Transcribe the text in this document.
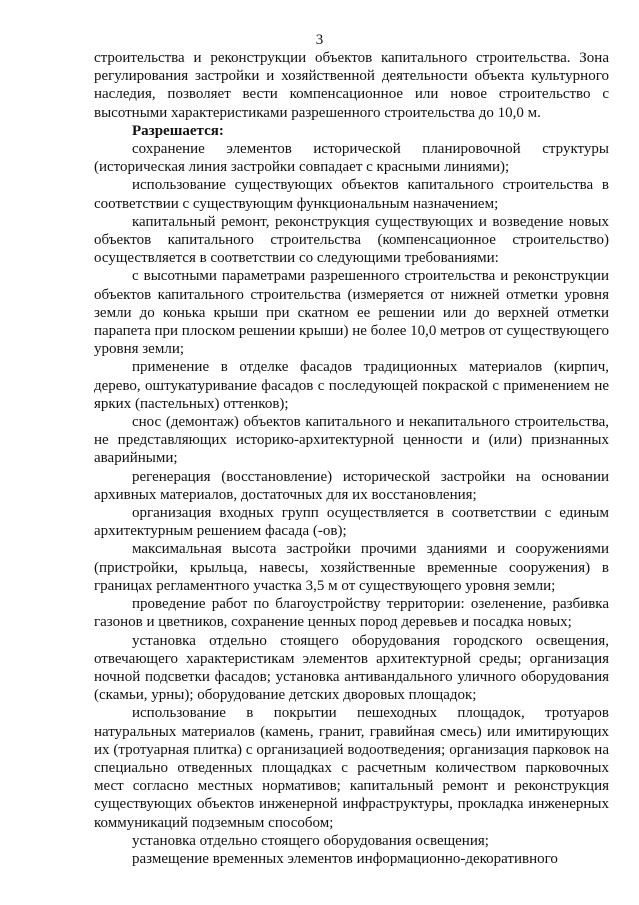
3

строительства и реконструкции объектов капитального строительства. Зона регулирования застройки и хозяйственной деятельности объекта культурного наследия, позволяет вести компенсационное или новое строительство с высотными характеристиками разрешенного строительства до 10,0 м.

Разрешается:

сохранение элементов исторической планировочной структуры (историческая линия застройки совпадает с красными линиями);

использование существующих объектов капитального строительства в соответствии с существующим функциональным назначением;

капитальный ремонт, реконструкция существующих и возведение новых объектов капитального строительства (компенсационное строительство) осуществляется в соответствии со следующими требованиями:

с высотными параметрами разрешенного строительства и реконструкции объектов капитального строительства (измеряется от нижней отметки уровня земли до конька крыши при скатном ее решении или до верхней отметки парапета при плоском решении крыши) не более 10,0 метров от существующего уровня земли;

применение в отделке фасадов традиционных материалов (кирпич, дерево, оштукатуривание фасадов с последующей покраской с применением не ярких (пастельных) оттенков);

снос (демонтаж) объектов капитального и некапитального строительства, не представляющих историко-архитектурной ценности и (или) признанных аварийными;

регенерация (восстановление) исторической застройки на основании архивных материалов, достаточных для их восстановления;

организация входных групп осуществляется в соответствии с единым архитектурным решением фасада (-ов);

максимальная высота застройки прочими зданиями и сооружениями (пристройки, крыльца, навесы, хозяйственные временные сооружения) в границах регламентного участка 3,5 м от существующего уровня земли;

проведение работ по благоустройству территории: озеленение, разбивка газонов и цветников, сохранение ценных пород деревьев и посадка новых;

установка отдельно стоящего оборудования городского освещения, отвечающего характеристикам элементов архитектурной среды; организация ночной подсветки фасадов; установка антивандального уличного оборудования (скамьи, урны); оборудование детских дворовых площадок;

использование в покрытии пешеходных площадок, тротуаров натуральных материалов (камень, гранит, гравийная смесь) или имитирующих их (тротуарная плитка) с организацией водоотведения; организация парковок на специально отведенных площадках с расчетным количеством парковочных мест согласно местных нормативов; капитальный ремонт и реконструкция существующих объектов инженерной инфраструктуры, прокладка инженерных коммуникаций подземным способом;

установка отдельно стоящего оборудования освещения;

размещение временных элементов информационно-декоративного
